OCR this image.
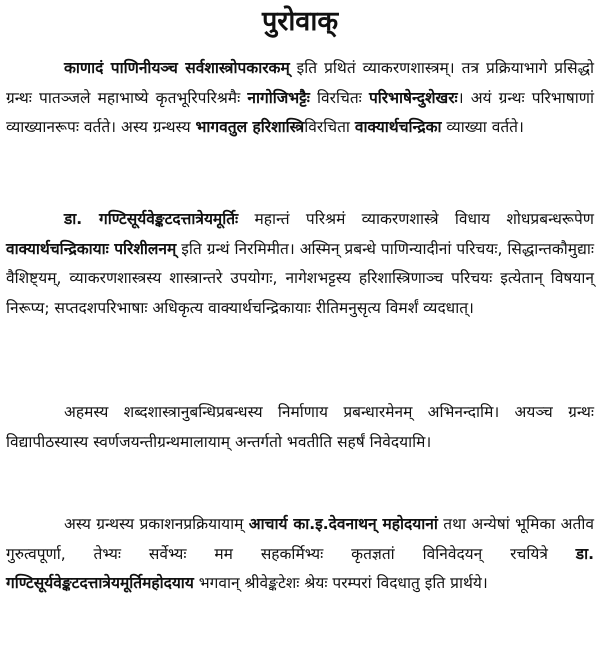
पुरोवाक्

काणादं पाणिनीयञ्च सर्वशास्त्रोपकारकम् इति प्रथितं व्याकरणशास्त्रम्। तत्र प्रक्रियाभागे प्रसिद्धो ग्रन्थः पातञ्जले महाभाष्ये कृतभूरिपरिश्रमैः नागोजिभट्टैः विरचितः परिभाषेन्दुशेखरः। अयं ग्रन्थः परिभाषाणां व्याख्यानरूपः वर्तते। अस्य ग्रन्थस्य भागवतुल हरिशास्त्रिविरचिता वाक्यार्थचन्द्रिका व्याख्या वर्तते।

डा. गण्टिसूर्यवेङ्कटदत्तात्रेयमूर्तिः महान्तं परिश्रमं व्याकरणशास्त्रे विधाय शोधप्रबन्धरूपेण वाक्यार्थचन्द्रिकायाः परिशीलनम् इति ग्रन्थं निरमिमीत। अस्मिन् प्रबन्धे पाणिन्यादीनां परिचयः, सिद्धान्तकौमुद्याः वैशिष्ट्यम्, व्याकरणशास्त्रस्य शास्त्रान्तरे उपयोगः, नागेशभट्टस्य हरिशास्त्रिणाञ्च परिचयः इत्येतान् विषयान् निरूप्य; सप्तदशपरिभाषाः अधिकृत्य वाक्यार्थचन्द्रिकायाः रीतिमनुसृत्य विमर्शं व्यदधात्।

अहमस्य शब्दशास्त्रानुबन्धिप्रबन्धस्य निर्माणाय प्रबन्धारमेनम् अभिनन्दामि। अयञ्च ग्रन्थः विद्यापीठस्यास्य स्वर्णजयन्तीग्रन्थमालायाम् अन्तर्गतो भवतीति सहर्षं निवेदयामि।

अस्य ग्रन्थस्य प्रकाशनप्रक्रियायाम् आचार्य का.इ.देवनाथन् महोदयानां तथा अन्येषां भूमिका अतीव गुरुत्वपूर्णा, तेभ्यः सर्वेभ्यः मम सहकर्मिभ्यः कृतज्ञतां विनिवेदयन् रचयित्रे डा. गण्टिसूर्यवेङ्कटदत्तात्रेयमूर्तिमहोदयाय भगवान् श्रीवेङ्कटेशः श्रेयः परम्परां विदधातु इति प्रार्थये।
